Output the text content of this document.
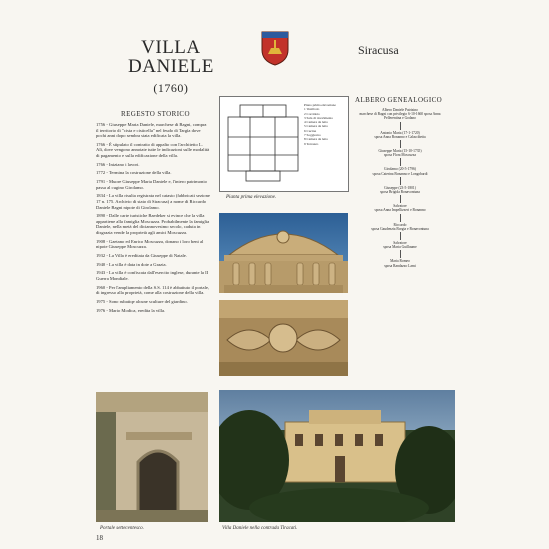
VILLA
DANIELE
(1760)
Siracusa
REGESTO STORICO

1756 - Giuseppe Maria Daniele, marchese di Bagni, compra il territorio di "cista e cisticella" nel feudo di Targìa dove pochi anni dopo sembra stata edificata la villa.

1766 - È stipulato il contratto di appalto con l'architetto L. Alì, dove vengono annotate tutte le indicazioni sulle modalità di pagamento e sulla edificazione della villa.

1766 - Iniziano i lavori.

1772 - Termina la costruzione della villa.

1791 - Muore Giuseppe Maria Daniele e, l'intero patrimonio passa al cugino Girolamo.

1834 - La villa risulta registrata nel catasto (fabbricati sezione 17 n. 175. Archivio di stato di Siracusa) a nome di Riccardo Daniele Bagni nipote di Girolamo.

1890 - Dalle carte turistiche Baedeker si evince che la villa appartiene alla famiglia Moscuzza. Probabilmente la famiglia Daniele, nella metà del diciannovesimo secolo, caduta in disgrazia vende la proprietà agli amici Moscuzza.

1908 - Gaetano ed Enrico Moscuzza, donano i loro beni al nipote Giuseppe Moscuzza.

1932 - La Villa è ereditata da Giuseppe di Natale.

1940 - La villa è data in dote a Grazia.

1943 - La villa è confiscata dall'esercito inglese, durante la II Guerra Mondiale.

1960 - Per l'ampliamento della S.S. 114 è abbattuto il portale, di ingresso alla proprietà, come alla costruzione della villa.

1975 - Sono rubatiqe alcune sculture del giardino.

1976 - Mario Modica, eredita la villa.

Piano prima elevazione
1 Vestibolo
2 Corridoio
3 Sala di ricevimento
4 Camera da letto
5 Camera da letto
6 Cucina
7 Soggiorno
8 Camera da letto
9 Terrazzo
Pianta prima elevazione.
ALBERO GENEALOGICO
Albero Daniele Patrizino
marchese di Bagni con privilegio 6-10-1660 sposa Anna Pellerentina e Godano
Antonio Maria (17-1-1720)
sposa Anna Bonanno e Calascibetta
Giuseppe Maria (15-10-1735)
sposa Flora Moscuzza
Girolamo (20-5-1796)
sposa Caterina Bonanno e Longobardi
Giuseppe (23-5-1801)
sposa Brigida Bonavontuna
Salvatore
sposa Anna Impellizzeri e Bonanno
Riccardo
sposa Gaudenzia Borgia e Bonavontuna
Salvatore
sposa Maria Guillaume
Maria Romeo
sposa Randazzo Lami
Portale settecentesco.	Villa Daniele nella contrada Tiracati.
18
